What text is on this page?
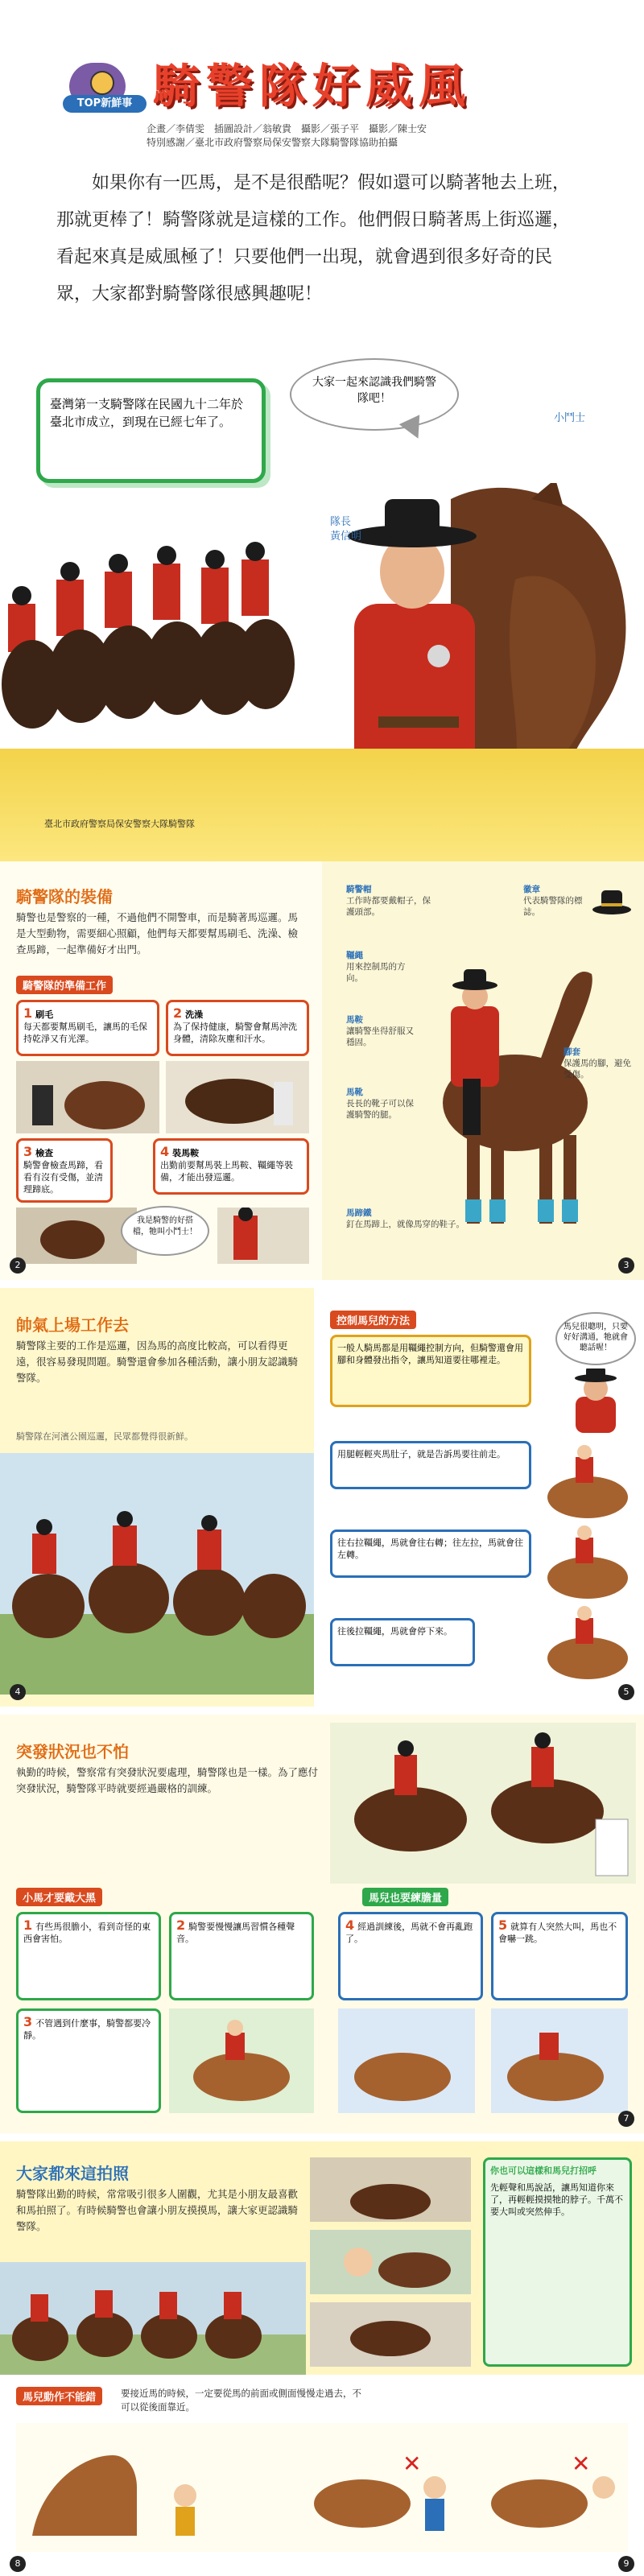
TOP新鮮事 騎警隊好威風
企畫／李倩雯　插圖設計／翁敏貴　攝影／張子平　攝影／陳士安
特別感謝／臺北市政府警察局保安警察大隊騎警隊協助拍攝
如果你有一匹馬，是不是很酷呢？假如還可以騎著牠去上班，那就更棒了！騎警隊就是這樣的工作。他們假日騎著馬上街巡邏，看起來真是威風極了！只要他們一出現，就會遇到很多好奇的民眾，大家都對騎警隊很感興趣呢！
大家一起來認識我們騎警隊吧！
臺灣第一支騎警隊在民國九十二年於臺北市成立，到現在已經七年了。	小鬥士
隊長
黃信明
臺北市政府警察局保安警察大隊騎警隊
騎警隊的裝備
騎警也是警察的一種，不過他們不開警車，而是騎著馬巡邏。馬是大型動物，需要細心照顧，他們每天都要幫馬刷毛、洗澡、檢查馬蹄，一起準備好才出門。
騎警隊的準備工作
1 刷毛
每天都要幫馬刷毛，讓馬的毛保持乾淨又有光澤。
2 洗澡
為了保持健康，騎警會幫馬沖洗身體，清除灰塵和汗水。
3 檢查
騎警會檢查馬蹄，看看有沒有受傷，並清理蹄底。
4 裝馬鞍
出勤前要幫馬裝上馬鞍、韁繩等裝備，才能出發巡邏。
我是騎警的好搭檔，牠叫小鬥士！
2
騎警帽
工作時都要戴帽子，保護頭部。
徽章
代表騎警隊的標誌。
韁繩
用來控制馬的方向。
馬鞍
讓騎警坐得舒服又穩固。
馬靴
長長的靴子可以保護騎警的腿。
腳套
保護馬的腳，避免受傷。
馬蹄鐵
釘在馬蹄上，就像馬穿的鞋子。
3
帥氣上場工作去
騎警隊主要的工作是巡邏，因為馬的高度比較高，可以看得更遠，很容易發現問題。騎警還會參加各種活動，讓小朋友認識騎警隊。
騎警隊在河濱公園巡邏，民眾都覺得很新鮮。
4
控制馬兒的方法
一般人騎馬都是用韁繩控制方向，但騎警還會用腳和身體發出指令，讓馬知道要往哪裡走。
馬兒很聰明，只要好好溝通，牠就會聽話喔！
用腿輕輕夾馬肚子，就是告訴馬要往前走。
往右拉韁繩，馬就會往右轉；往左拉，馬就會往左轉。
往後拉韁繩，馬就會停下來。
5
突發狀況也不怕
執勤的時候，警察常有突發狀況要處理，騎警隊也是一樣。為了應付突發狀況，騎警隊平時就要經過嚴格的訓練。
小馬才要戴大黑	馬兒也要練膽量
1 有些馬很膽小，看到奇怪的東西會害怕。
2 騎警要慢慢讓馬習慣各種聲音。
3 不管遇到什麼事，騎警都要冷靜。
4 經過訓練後，馬就不會再亂跑了。
5 就算有人突然大叫，馬也不會嚇一跳。
7
大家都來這拍照
騎警隊出勤的時候，常常吸引很多人圍觀，尤其是小朋友最喜歡和馬拍照了。有時候騎警也會讓小朋友摸摸馬，讓大家更認識騎警隊。
你也可以這樣和馬兒打招呼
先輕聲和馬說話，讓馬知道你來了，再輕輕摸摸牠的脖子。千萬不要大叫或突然伸手。
馬兒動作不能錯	要接近馬的時候，一定要從馬的前面或側面慢慢走過去，不可以從後面靠近。
✕	✕
8	9
